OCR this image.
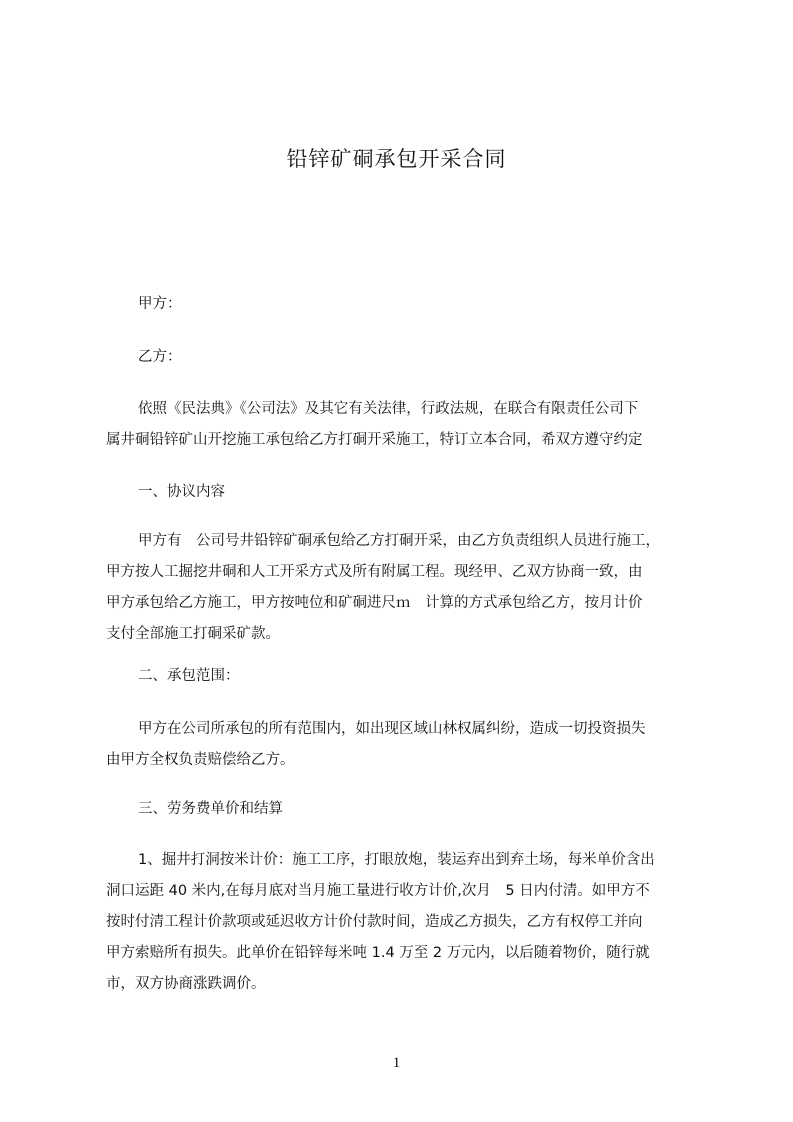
铅锌矿硐承包开采合同

甲方：

乙方：

依照《民法典》《公司法》及其它有关法律，行政法规，在联合有限责任公司下
属井硐铅锌矿山开挖施工承包给乙方打硐开采施工，特订立本合同，希双方遵守约定

一、协议内容

甲方有　公司号井铅锌矿硐承包给乙方打硐开采，由乙方负责组织人员进行施工，
甲方按人工掘挖井硐和人工开采方式及所有附属工程。现经甲、乙双方协商一致，由
甲方承包给乙方施工，甲方按吨位和矿硐进尺ｍ　计算的方式承包给乙方，按月计价
支付全部施工打硐采矿款。

二、承包范围：

甲方在公司所承包的所有范围内，如出现区域山林权属纠纷，造成一切投资损失
由甲方全权负责赔偿给乙方。

三、劳务费单价和结算

1、掘井打洞按米计价：施工工序，打眼放炮，装运弃出到弃土场，每米单价含出
洞口运距 40 米内,在每月底对当月施工量进行收方计价,次月　5 日内付清。如甲方不
按时付清工程计价款项或延迟收方计价付款时间，造成乙方损失，乙方有权停工并向
甲方索赔所有损失。此单价在铅锌每米吨 1.4 万至 2 万元内，以后随着物价，随行就
市，双方协商涨跌调价。

1
